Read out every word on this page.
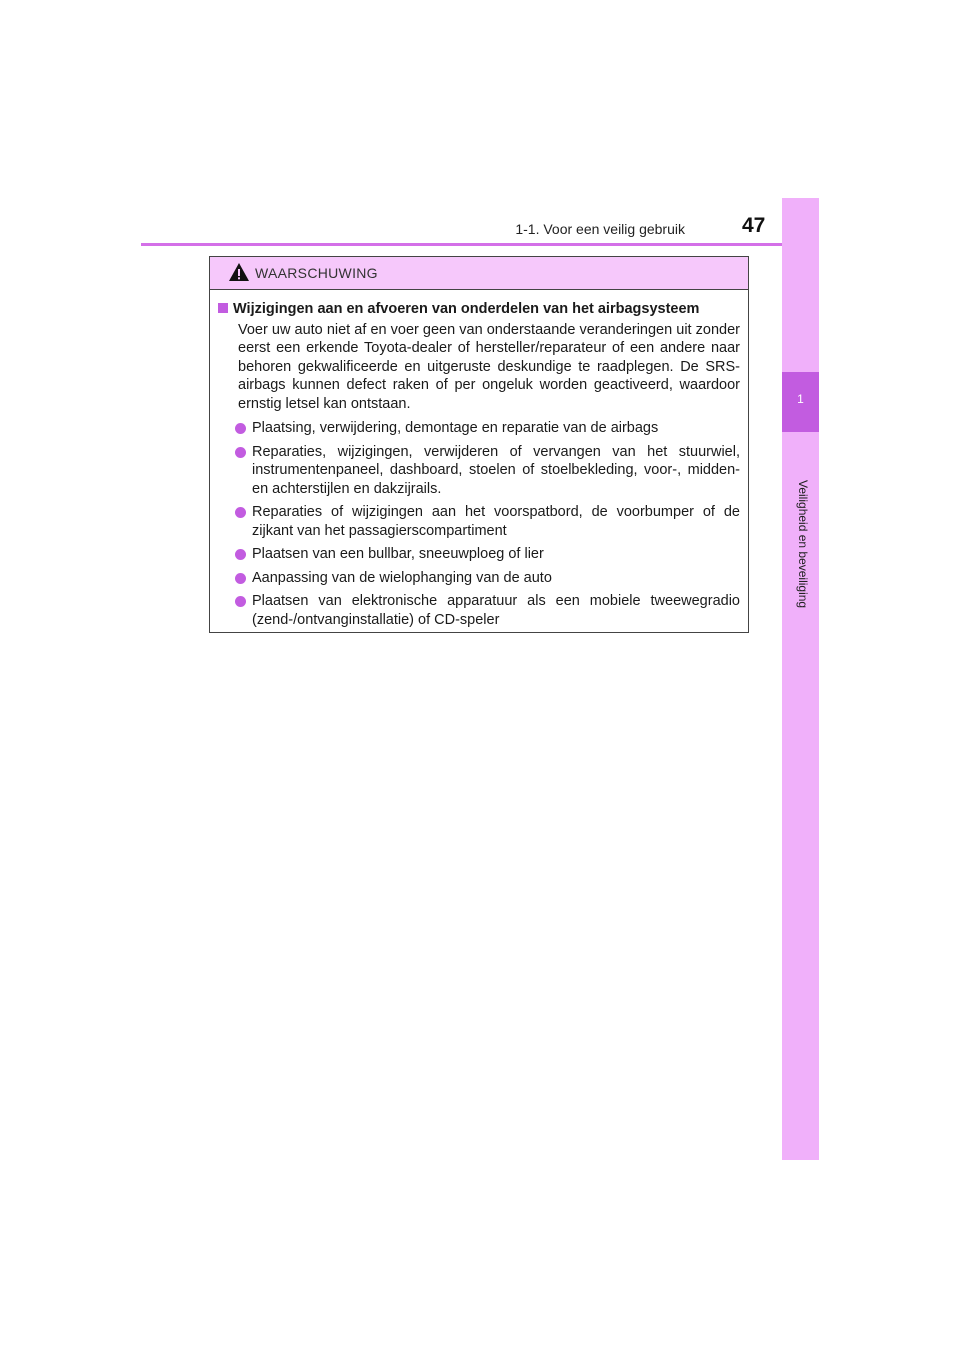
1-1. Voor een veilig gebruik	47
1
Veiligheid en beveiliging
WAARSCHUWING
Wijzigingen aan en afvoeren van onderdelen van het airbagsysteem
Voer uw auto niet af en voer geen van onderstaande veranderingen uit zonder eerst een erkende Toyota-dealer of hersteller/reparateur of een andere naar behoren gekwalificeerde en uitgeruste deskundige te raadplegen. De SRS-airbags kunnen defect raken of per ongeluk worden geactiveerd, waardoor ernstig letsel kan ontstaan.
Plaatsing, verwijdering, demontage en reparatie van de airbags
Reparaties, wijzigingen, verwijderen of vervangen van het stuurwiel, instrumentenpaneel, dashboard, stoelen of stoelbekleding, voor-, midden- en achterstijlen en dakzijrails.
Reparaties of wijzigingen aan het voorspatbord, de voorbumper of de zijkant van het passagierscompartiment
Plaatsen van een bullbar, sneeuwploeg of lier
Aanpassing van de wielophanging van de auto
Plaatsen van elektronische apparatuur als een mobiele tweewegradio (zend-/ontvanginstallatie) of CD-speler
